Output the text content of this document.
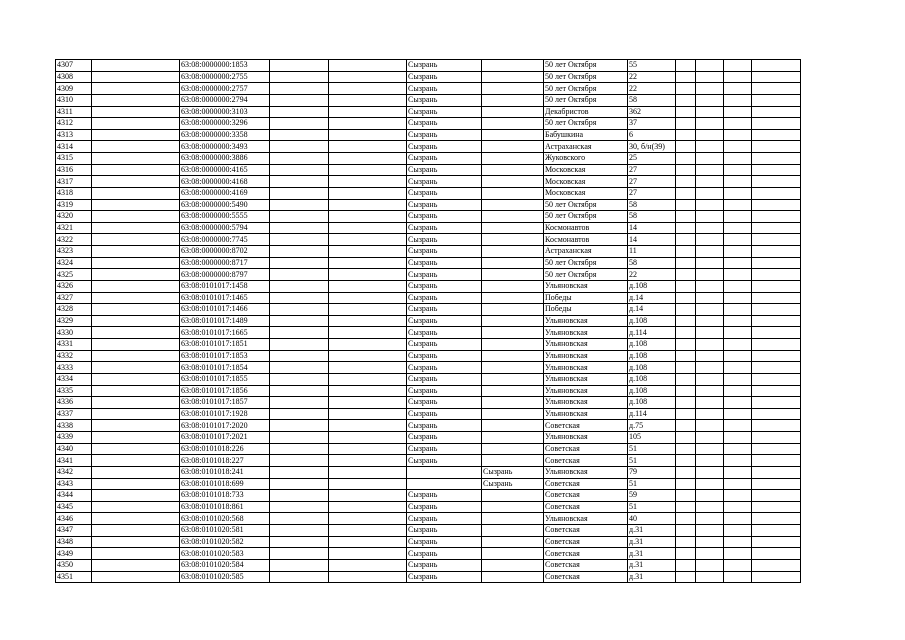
4307		63:08:0000000:1853			Сызрань		50 лет Октября	55				
4308		63:08:0000000:2755			Сызрань		50 лет Октября	22				
4309		63:08:0000000:2757			Сызрань		50 лет Октября	22				
4310		63:08:0000000:2794			Сызрань		50 лет Октября	58				
4311		63:08:0000000:3103			Сызрань		Декабристов	362				
4312		63:08:0000000:3296			Сызрань		50 лет Октября	37				
4313		63:08:0000000:3358			Сызрань		Бабушкина	6				
4314		63:08:0000000:3493			Сызрань		Астраханская	30, б/н(39)				
4315		63:08:0000000:3886			Сызрань		Жуковского	25				
4316		63:08:0000000:4165			Сызрань		Московская	27				
4317		63:08:0000000:4168			Сызрань		Московская	27				
4318		63:08:0000000:4169			Сызрань		Московская	27				
4319		63:08:0000000:5490			Сызрань		50 лет Октября	58				
4320		63:08:0000000:5555			Сызрань		50 лет Октября	58				
4321		63:08:0000000:5794			Сызрань		Космонавтов	14				
4322		63:08:0000000:7745			Сызрань		Космонавтов	14				
4323		63:08:0000000:8702			Сызрань		Астраханская	11				
4324		63:08:0000000:8717			Сызрань		50 лет Октября	58				
4325		63:08:0000000:8797			Сызрань		50 лет Октября	22				
4326		63:08:0101017:1458			Сызрань		Ульяновская	д.108				
4327		63:08:0101017:1465			Сызрань		Победы	д.14				
4328		63:08:0101017:1466			Сызрань		Победы	д.14				
4329		63:08:0101017:1489			Сызрань		Ульяновская	д.108				
4330		63:08:0101017:1665			Сызрань		Ульяновская	д.114				
4331		63:08:0101017:1851			Сызрань		Ульяновская	д.108				
4332		63:08:0101017:1853			Сызрань		Ульяновская	д.108				
4333		63:08:0101017:1854			Сызрань		Ульяновская	д.108				
4334		63:08:0101017:1855			Сызрань		Ульяновская	д.108				
4335		63:08:0101017:1856			Сызрань		Ульяновская	д.108				
4336		63:08:0101017:1857			Сызрань		Ульяновская	д.108				
4337		63:08:0101017:1928			Сызрань		Ульяновская	д.114				
4338		63:08:0101017:2020			Сызрань		Советская	д.75				
4339		63:08:0101017:2021			Сызрань		Ульяновская	105				
4340		63:08:0101018:226			Сызрань		Советская	51				
4341		63:08:0101018:227			Сызрань		Советская	51				
4342		63:08:0101018:241				Сызрань	Ульяновская	79				
4343		63:08:0101018:699				Сызрань	Советская	51				
4344		63:08:0101018:733			Сызрань		Советская	59				
4345		63:08:0101018:861			Сызрань		Советская	51				
4346		63:08:0101020:568			Сызрань		Ульяновская	40				
4347		63:08:0101020:581			Сызрань		Советская	д.31				
4348		63:08:0101020:582			Сызрань		Советская	д.31				
4349		63:08:0101020:583			Сызрань		Советская	д.31				
4350		63:08:0101020:584			Сызрань		Советская	д.31				
4351		63:08:0101020:585			Сызрань		Советская	д.31				
